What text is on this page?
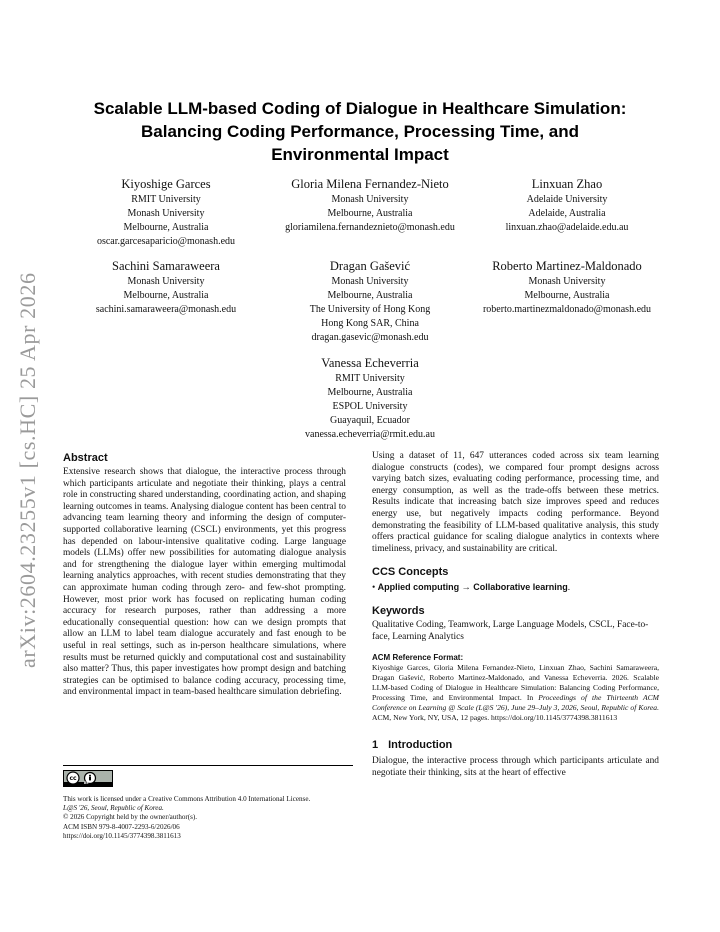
arXiv:2604.23255v1 [cs.HC] 25 Apr 2026
Scalable LLM-based Coding of Dialogue in Healthcare Simulation:
Balancing Coding Performance, Processing Time, and
Environmental Impact
Kiyoshige Garces
RMIT University
Monash University
Melbourne, Australia
oscar.garcesaparicio@monash.edu
Gloria Milena Fernandez-Nieto
Monash University
Melbourne, Australia
gloriamilena.fernandeznieto@monash.edu
Linxuan Zhao
Adelaide University
Adelaide, Australia
linxuan.zhao@adelaide.edu.au
Sachini Samaraweera
Monash University
Melbourne, Australia
sachini.samaraweera@monash.edu
Dragan Gašević
Monash University
Melbourne, Australia
The University of Hong Kong
Hong Kong SAR, China
dragan.gasevic@monash.edu
Roberto Martinez-Maldonado
Monash University
Melbourne, Australia
roberto.martinezmaldonado@monash.edu
Vanessa Echeverria
RMIT University
Melbourne, Australia
ESPOL University
Guayaquil, Ecuador
vanessa.echeverria@rmit.edu.au
Abstract

Extensive research shows that dialogue, the interactive process through which participants articulate and negotiate their thinking, plays a central role in constructing shared understanding, coordinating action, and shaping learning outcomes in teams. Analysing dialogue content has been central to advancing team learning theory and informing the design of computer-supported collaborative learning (CSCL) environments, yet this progress has depended on labour-intensive qualitative coding. Large language models (LLMs) offer new possibilities for automating dialogue analysis and for strengthening the dialogue layer within emerging multimodal learning analytics approaches, with recent studies demonstrating that they can approximate human coding through zero- and few-shot prompting. However, most prior work has focused on replicating human coding accuracy for research purposes, rather than addressing a more educationally consequential question: how can we design prompts that allow an LLM to label team dialogue accurately and fast enough to be useful in real settings, such as in-person healthcare simulations, where results must be returned quickly and computational cost and sustainability also matter? Thus, this paper investigates how prompt design and batching strategies can be optimised to balance coding accuracy, processing time, and environmental impact in team-based healthcare simulation debriefing.

cc
BY

This work is licensed under a Creative Commons Attribution 4.0 International License.

L@S '26, Seoul, Republic of Korea.

© 2026 Copyright held by the owner/author(s).

ACM ISBN 979-8-4007-2293-6/2026/06

https://doi.org/10.1145/3774398.3811613

Using a dataset of 11, 647 utterances coded across six team learning dialogue constructs (codes), we compared four prompt designs across varying batch sizes, evaluating coding performance, processing time, and energy consumption, as well as the trade-offs between these metrics. Results indicate that increasing batch size improves speed and reduces energy use, but negatively impacts coding performance. Beyond demonstrating the feasibility of LLM-based qualitative analysis, this study offers practical guidance for scaling dialogue analytics in contexts where timeliness, privacy, and sustainability are critical.

CCS Concepts

• Applied computing → Collaborative learning.

Keywords

Qualitative Coding, Teamwork, Large Language Models, CSCL, Face-to-face, Learning Analytics

ACM Reference Format:

Kiyoshige Garces, Gloria Milena Fernandez-Nieto, Linxuan Zhao, Sachini Samaraweera, Dragan Gašević, Roberto Martinez-Maldonado, and Vanessa Echeverria. 2026. Scalable LLM-based Coding of Dialogue in Healthcare Simulation: Balancing Coding Performance, Processing Time, and Environmental Impact. In Proceedings of the Thirteenth ACM Conference on Learning @ Scale (L@S '26), June 29–July 3, 2026, Seoul, Republic of Korea. ACM, New York, NY, USA, 12 pages. https://doi.org/10.1145/3774398.3811613

1 Introduction

Dialogue, the interactive process through which participants articulate and negotiate their thinking, sits at the heart of effective
